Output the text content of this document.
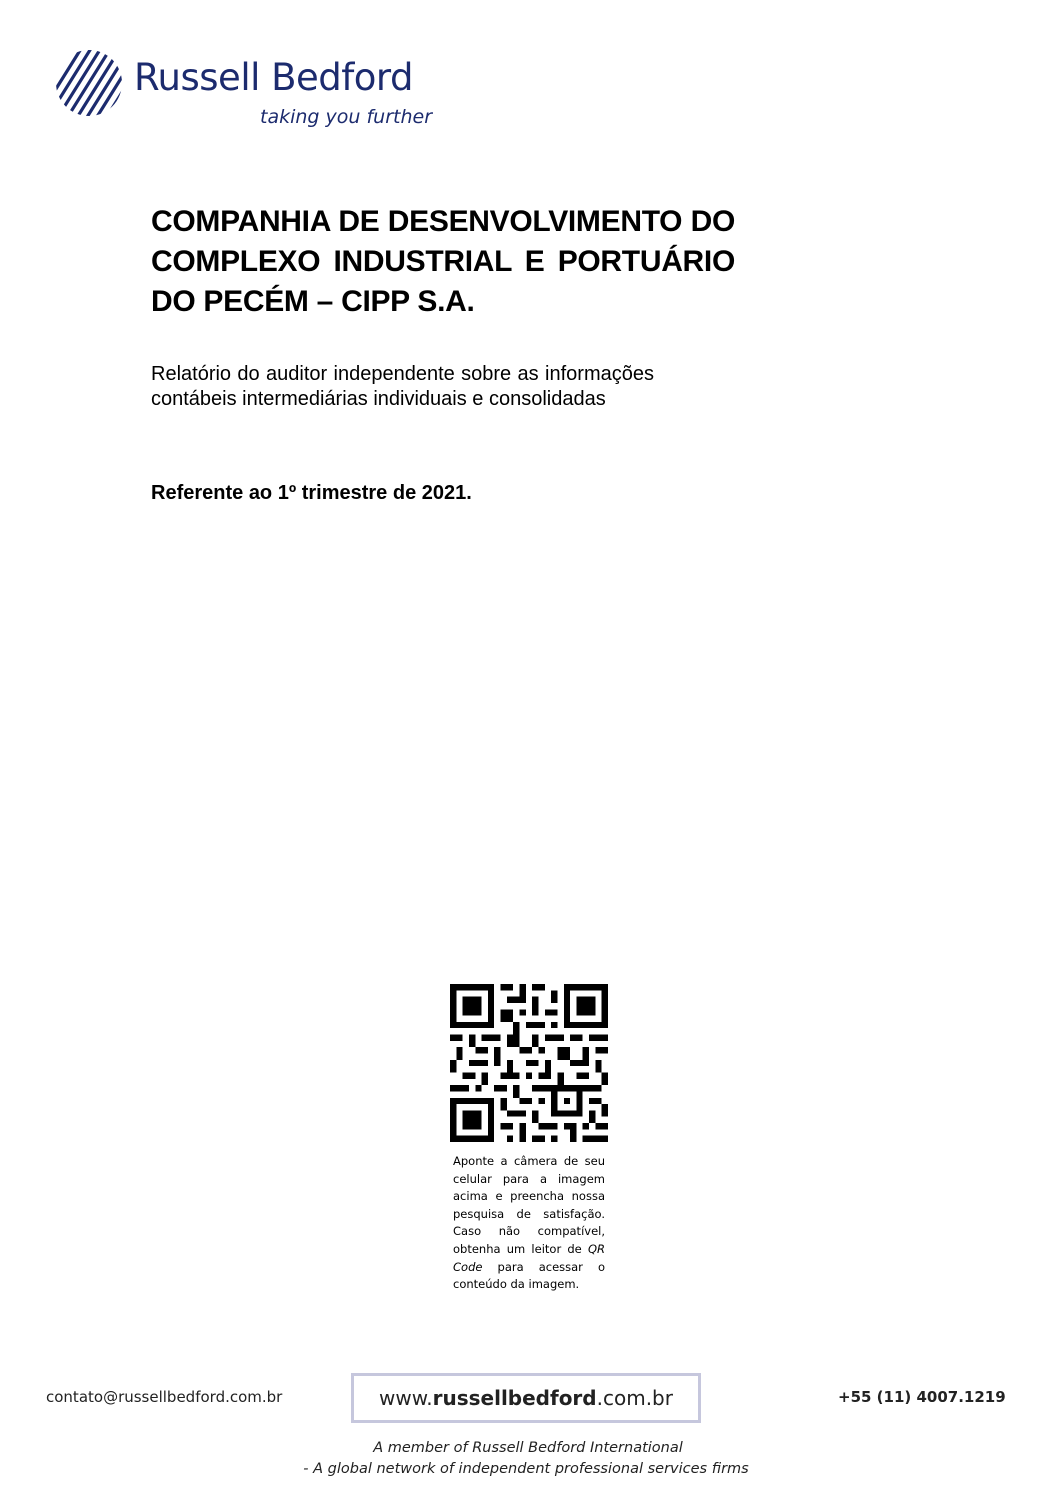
Russell Bedford
taking you further
COMPANHIA DE DESENVOLVIMENTO DO COMPLEXO INDUSTRIAL E PORTUÁRIO DO PECÉM – CIPP S.A.

Relatório do auditor independente sobre as informações contábeis intermediárias individuais e consolidadas

Referente ao 1º trimestre de 2021.

Aponte a câmera de seu celular para a imagem acima e preencha nossa pesquisa de satisfação. Caso não compatível, obtenha um leitor de QR Code para acessar o conteúdo da imagem.

contato@russellbedford.com.br	www. russellbedford .com.br	+55 (11) 4007.1219

A member of Russell Bedford International

- A global network of independent professional services firms
